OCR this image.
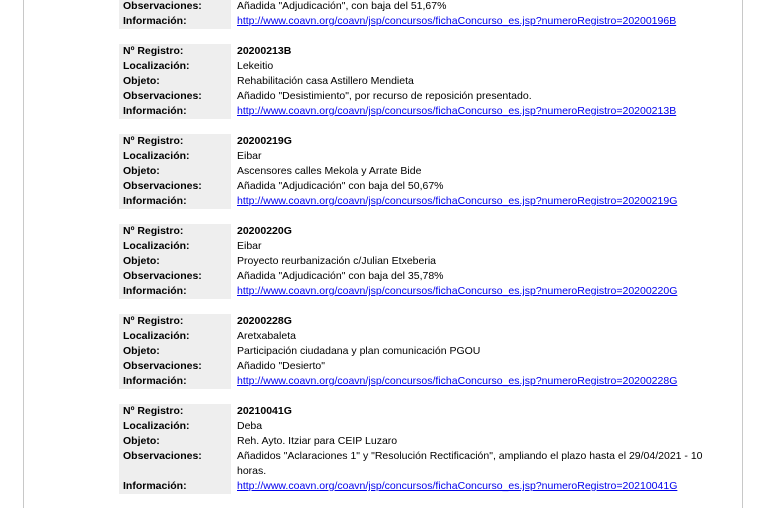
Observaciones:	Añadida "Adjudicación", con baja del 51,67%
Información:	http://www.coavn.org/coavn/jsp/concursos/fichaConcurso_es.jsp?numeroRegistro=20200196B
Nº Registro:	20200213B
Localización:	Lekeitio
Objeto:	Rehabilitación casa Astillero Mendieta
Observaciones:	Añadido "Desistimiento", por recurso de reposición presentado.
Información:	http://www.coavn.org/coavn/jsp/concursos/fichaConcurso_es.jsp?numeroRegistro=20200213B
Nº Registro:	20200219G
Localización:	Eibar
Objeto:	Ascensores calles Mekola y Arrate Bide
Observaciones:	Añadida "Adjudicación" con baja del 50,67%
Información:	http://www.coavn.org/coavn/jsp/concursos/fichaConcurso_es.jsp?numeroRegistro=20200219G
Nº Registro:	20200220G
Localización:	Eibar
Objeto:	Proyecto reurbanización c/Julian Etxeberia
Observaciones:	Añadida "Adjudicación" con baja del 35,78%
Información:	http://www.coavn.org/coavn/jsp/concursos/fichaConcurso_es.jsp?numeroRegistro=20200220G
Nº Registro:	20200228G
Localización:	Aretxabaleta
Objeto:	Participación ciudadana y plan comunicación PGOU
Observaciones:	Añadido "Desierto"
Información:	http://www.coavn.org/coavn/jsp/concursos/fichaConcurso_es.jsp?numeroRegistro=20200228G
Nº Registro:	20210041G
Localización:	Deba
Objeto:	Reh. Ayto. Itziar para CEIP Luzaro
Observaciones:	Añadidos "Aclaraciones 1" y "Resolución Rectificación", ampliando el plazo hasta el 29/04/2021 - 10 horas.
Información:	http://www.coavn.org/coavn/jsp/concursos/fichaConcurso_es.jsp?numeroRegistro=20210041G
